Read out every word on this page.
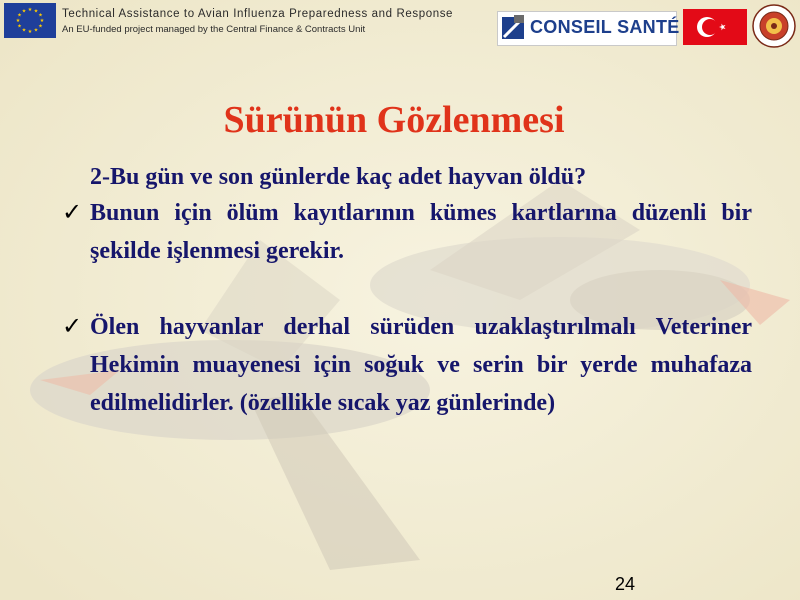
★ ★
★
★
★
★
★
★
★
★
★
★	Technical Assistance to Avian Influenza Preparedness and Response
An EU-funded project managed by the Central Finance & Contracts Unit	CONSEIL SANTÉ
Sürünün Gözlenmesi

2-Bu gün ve son günlerde kaç adet hayvan öldü?

✓ Bunun için ölüm kayıtlarının kümes kartlarına düzenli bir şekilde işlenmesi gerekir.

✓ Ölen hayvanlar derhal sürüden uzaklaştırılmalı Veteriner Hekimin muayenesi için soğuk ve serin bir yerde muhafaza edilmelidirler. (özellikle sıcak yaz günlerinde)

24
